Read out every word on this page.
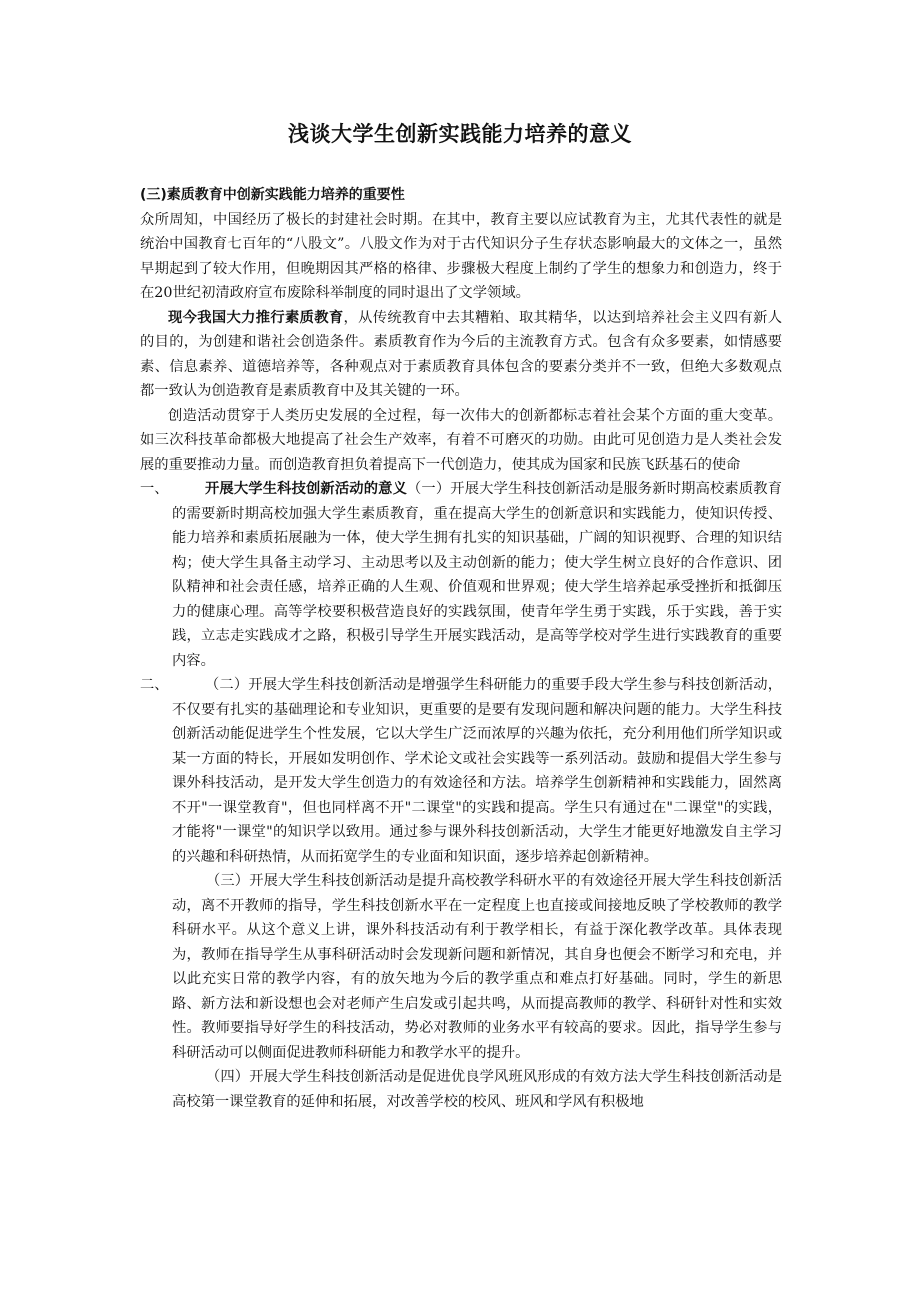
浅谈大学生创新实践能力培养的意义

(三)素质教育中创新实践能力培养的重要性

众所周知，中国经历了极长的封建社会时期。在其中，教育主要以应试教育为主，尤其代表性的就是统治中国教育七百年的“八股文”。八股文作为对于古代知识分子生存状态影响最大的文体之一，虽然早期起到了较大作用，但晚期因其严格的格律、步骤极大程度上制约了学生的想象力和创造力，终于在20世纪初清政府宣布废除科举制度的同时退出了文学领域。

现今我国大力推行素质教育，从传统教育中去其糟粕、取其精华，以达到培养社会主义四有新人的目的，为创建和谐社会创造条件。素质教育作为今后的主流教育方式。包含有众多要素，如情感要素、信息素养、道德培养等，各种观点对于素质教育具体包含的要素分类并不一致，但绝大多数观点都一致认为创造教育是素质教育中及其关键的一环。

创造活动贯穿于人类历史发展的全过程，每一次伟大的创新都标志着社会某个方面的重大变革。如三次科技革命都极大地提高了社会生产效率，有着不可磨灭的功勋。由此可见创造力是人类社会发展的重要推动力量。而创造教育担负着提高下一代创造力，使其成为国家和民族飞跃基石的使命

一、	开展大学生科技创新活动的意义（一）开展大学生科技创新活动是服务新时期高校素质教育的需要新时期高校加强大学生素质教育，重在提高大学生的创新意识和实践能力，使知识传授、能力培养和素质拓展融为一体，使大学生拥有扎实的知识基础，广阔的知识视野、合理的知识结构；使大学生具备主动学习、主动思考以及主动创新的能力；使大学生树立良好的合作意识、团队精神和社会责任感，培养正确的人生观、价值观和世界观；使大学生培养起承受挫折和抵御压力的健康心理。高等学校要积极营造良好的实践氛围，使青年学生勇于实践，乐于实践，善于实践，立志走实践成才之路，积极引导学生开展实践活动，是高等学校对学生进行实践教育的重要内容。

二、	（二）开展大学生科技创新活动是增强学生科研能力的重要手段大学生参与科技创新活动，不仅要有扎实的基础理论和专业知识，更重要的是要有发现问题和解决问题的能力。大学生科技创新活动能促进学生个性发展，它以大学生广泛而浓厚的兴趣为依托，充分利用他们所学知识或某一方面的特长，开展如发明创作、学术论文或社会实践等一系列活动。鼓励和提倡大学生参与课外科技活动，是开发大学生创造力的有效途径和方法。培养学生创新精神和实践能力，固然离不开"一课堂教育"，但也同样离不开"二课堂"的实践和提高。学生只有通过在"二课堂"的实践，才能将"一课堂"的知识学以致用。通过参与课外科技创新活动，大学生才能更好地激发自主学习的兴趣和科研热情，从而拓宽学生的专业面和知识面，逐步培养起创新精神。

（三）开展大学生科技创新活动是提升高校教学科研水平的有效途径开展大学生科技创新活动，离不开教师的指导，学生科技创新水平在一定程度上也直接或间接地反映了学校教师的教学科研水平。从这个意义上讲，课外科技活动有利于教学相长，有益于深化教学改革。具体表现为，教师在指导学生从事科研活动时会发现新问题和新情况，其自身也便会不断学习和充电，并以此充实日常的教学内容，有的放矢地为今后的教学重点和难点打好基础。同时，学生的新思路、新方法和新设想也会对老师产生启发或引起共鸣，从而提高教师的教学、科研针对性和实效性。教师要指导好学生的科技活动，势必对教师的业务水平有较高的要求。因此，指导学生参与科研活动可以侧面促进教师科研能力和教学水平的提升。

（四）开展大学生科技创新活动是促进优良学风班风形成的有效方法大学生科技创新活动是高校第一课堂教育的延伸和拓展，对改善学校的校风、班风和学风有积极地
